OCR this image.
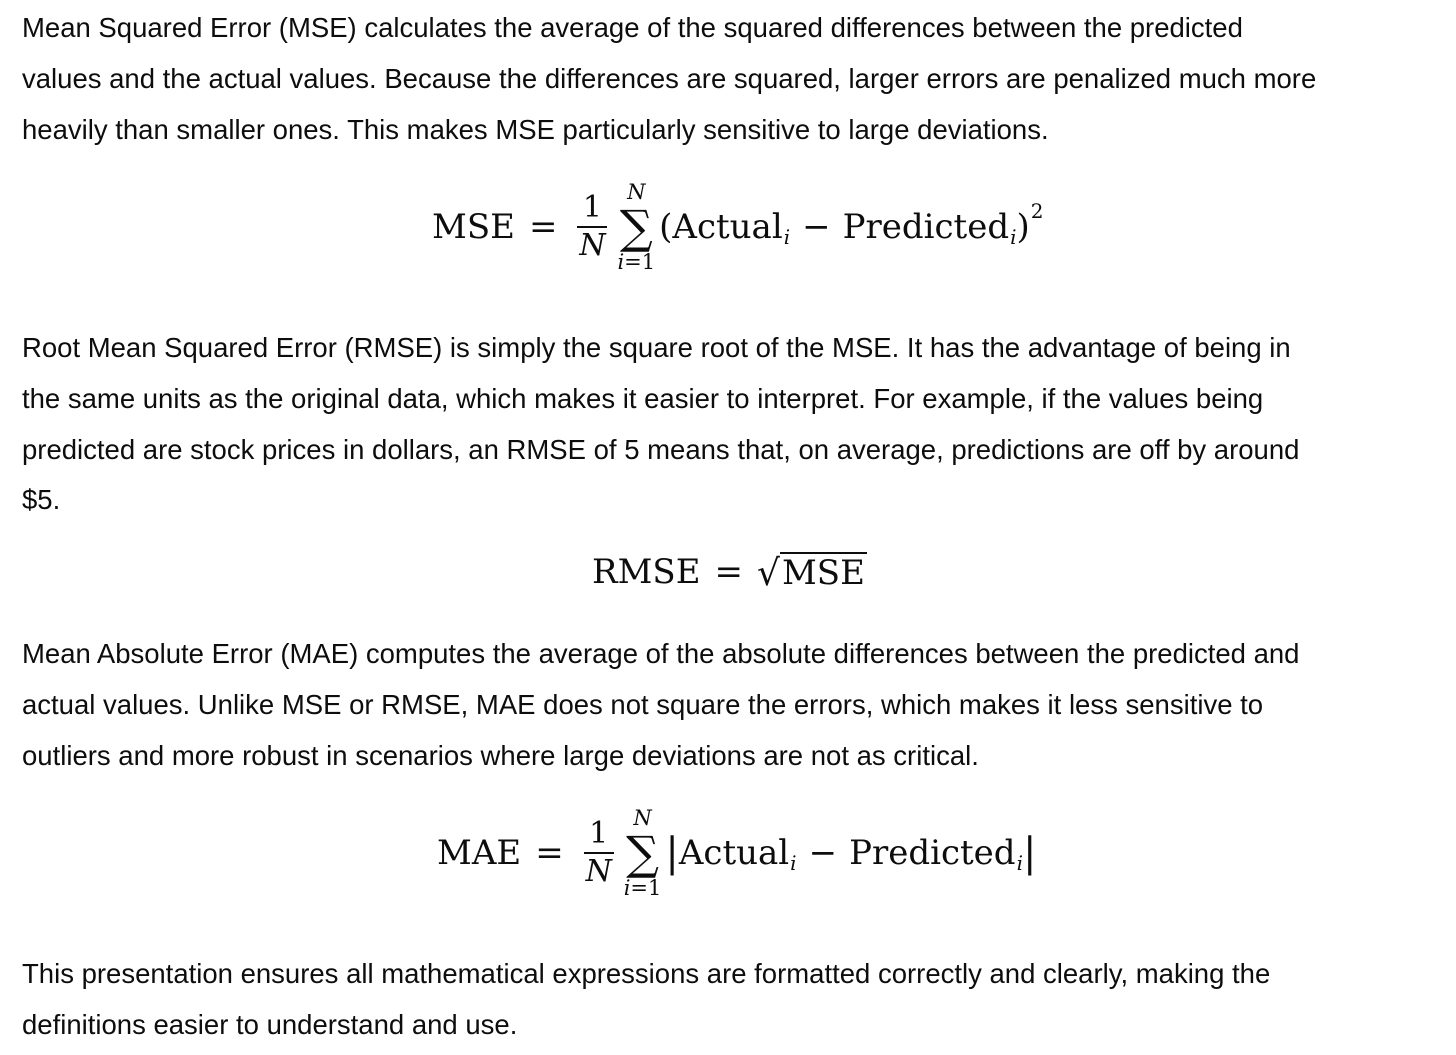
Mean Squared Error (MSE) calculates the average of the squared differences between the predicted
values and the actual values. Because the differences are squared, larger errors are penalized much more
heavily than smaller ones. This makes MSE particularly sensitive to large deviations.

Root Mean Squared Error (RMSE) is simply the square root of the MSE. It has the advantage of being in
the same units as the original data, which makes it easier to interpret. For example, if the values being
predicted are stock prices in dollars, an RMSE of 5 means that, on average, predictions are off by around
$5.

Mean Absolute Error (MAE) computes the average of the absolute differences between the predicted and
actual values. Unlike MSE or RMSE, MAE does not square the errors, which makes it less sensitive to
outliers and more robust in scenarios where large deviations are not as critical.

This presentation ensures all mathematical expressions are formatted correctly and clearly, making the
definitions easier to understand and use.

MSE = $\frac{1}{N}$ N
∑
i=1
( Actual i − Predicted i ) 2
RMSE = √ MSE
MAE = $\frac{1}{N}$ N
∑
i=1
| Actual i − Predicted i |
